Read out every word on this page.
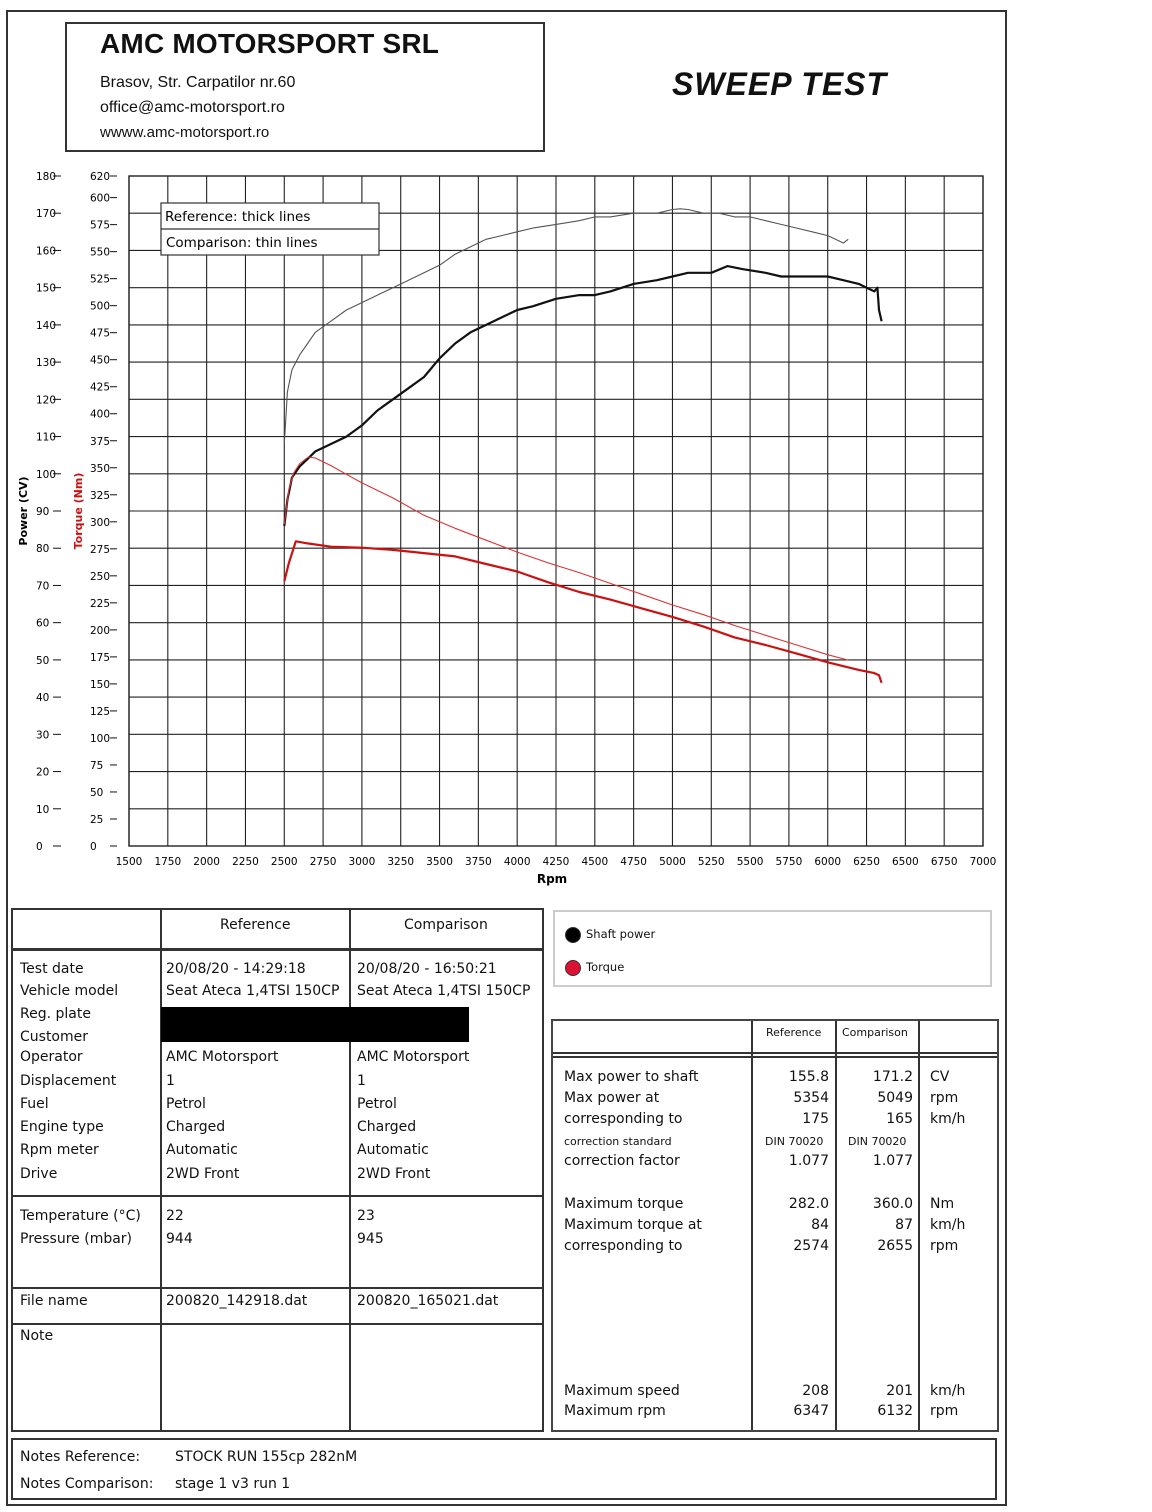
AMC MOTORSPORT SRL
Brasov, Str. Carpatilor nr.60
office@amc-motorsport.ro
wwww.amc-motorsport.ro
SWEEP TEST
0
10
20
30
40
50
60
70
80
90
100
110
120
130
140
150
160
170
180
0
25
50
75
100
125
150
175
200
225
250
275
300
325
350
375
400
425
450
475
500
525
550
575
600
620
1500 1750 2000 2250 2500 2750 3000 3250 3500 3750 4000 4250 4500 4750 5000 5250 5500 5750 6000 6250 6500 6750 7000
Power (CV)	Torque (Nm)
Rpm
Reference: thick lines
Comparison: thin lines
Reference	Comparison
Test date	20/08/20 - 14:29:18	20/08/20 - 16:50:21
Vehicle model	Seat Ateca 1,4TSI 150CP Seat Ateca 1,4TSI 150CP
Reg. plate
Customer
Operator	AMC Motorsport	AMC Motorsport
Displacement	1	1
Fuel	Petrol	Petrol
Engine type	Charged	Charged
Rpm meter	Automatic	Automatic
Drive	2WD Front	2WD Front
Temperature (°C) 22	23
Pressure (mbar) 944	945
File name	200820_142918.dat	200820_165021.dat
Note
Shaft power
Torque
Reference Comparison
Max power to shaft	155.8	171.2 CV
Max power at	5354	5049 rpm
corresponding to	175	165 km/h
correction standard	DIN 70020 DIN 70020
correction factor	1.077	1.077
Maximum torque	282.0	360.0 Nm
Maximum torque at	84	87 km/h
corresponding to	2574	2655 rpm
Maximum speed	208	201 km/h
Maximum rpm	6347	6132 rpm
Notes Reference: STOCK RUN 155cp 282nM
Notes Comparison: stage 1 v3 run 1
